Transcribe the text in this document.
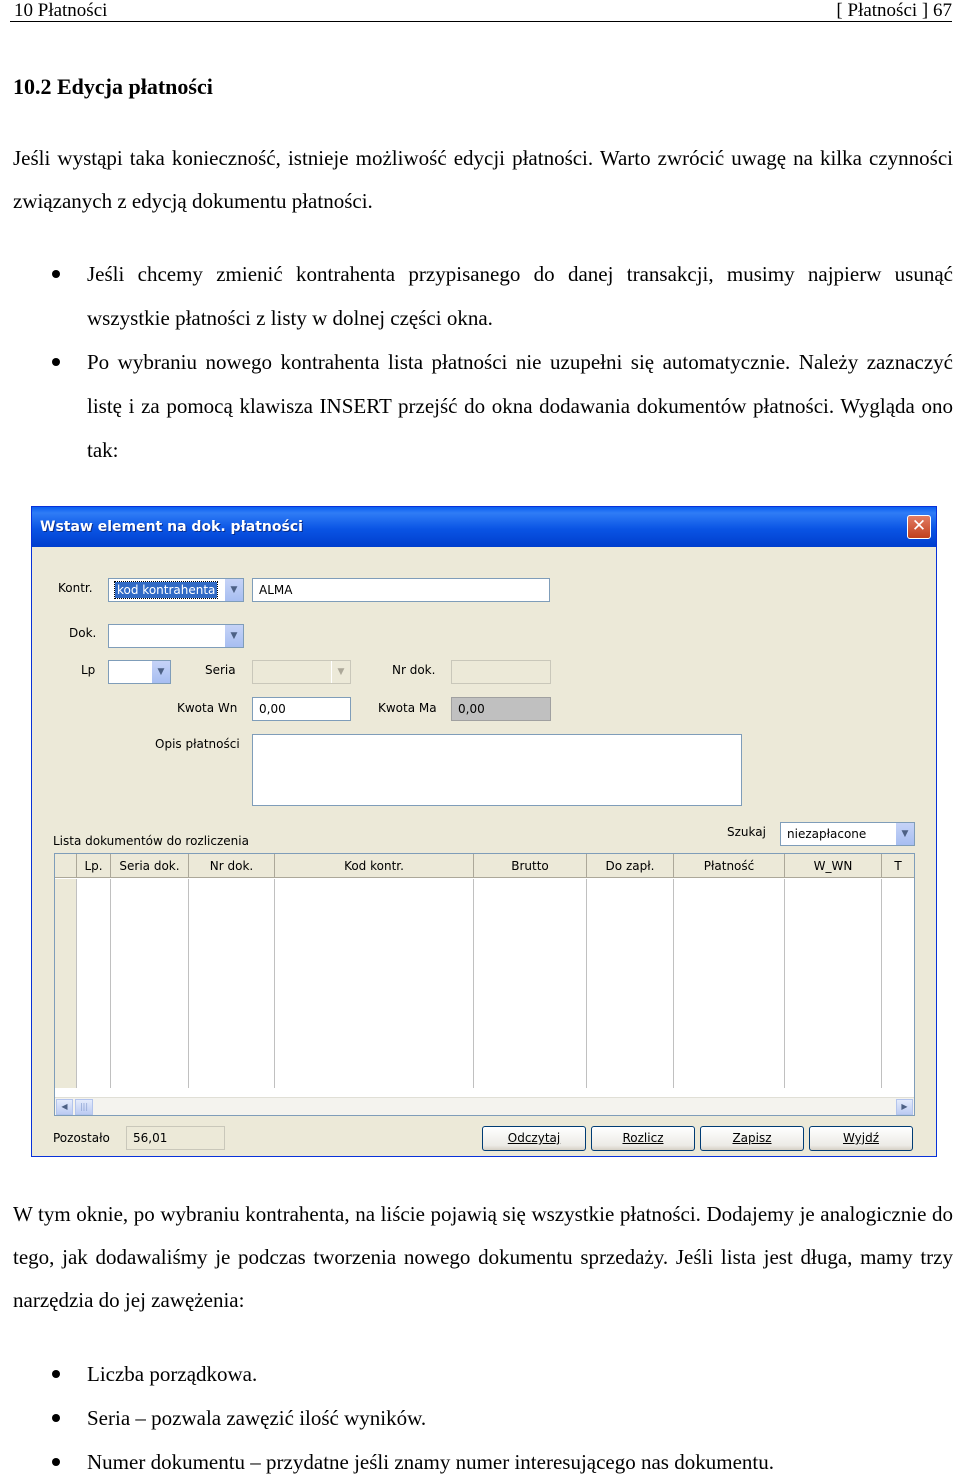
10 Płatności	[ Płatności ] 67
10.2 Edycja płatności

Jeśli wystąpi taka konieczność, istnieje możliwość edycji płatności. Warto zwrócić uwagę na kilka czynności związanych z edycją dokumentu płatności.

Jeśli chcemy zmienić kontrahenta przypisanego do danej transakcji, musimy najpierw usunąć wszystkie płatności z listy w dolnej części okna.
Po wybraniu nowego kontrahenta lista płatności nie uzupełni się automatycznie. Należy zaznaczyć listę i za pomocą klawisza INSERT przejść do okna dodawania dokumentów płatności. Wygląda ono tak:
Wstaw element na dok. płatności	✕
Kontr.	kod kontrahenta	▼	ALMA
Dok.	▼
Lp	▼	Seria	▼	Nr dok.
Kwota Wn	0,00	Kwota Ma	0,00
Opis płatności
Lista dokumentów do rozliczenia
Szukaj	niezapłacone	▼
Lp.	Seria dok.	Nr dok.	Kod kontr.	Brutto	Do zapł.	Płatność	W_WN	T
◀	|||	▶
Pozostało	56,01	Odczytaj	Rozlicz	Zapisz	Wyjdź

W tym oknie, po wybraniu kontrahenta, na liście pojawią się wszystkie płatności. Dodajemy je analogicznie do tego, jak dodawaliśmy je podczas tworzenia nowego dokumentu sprzedaży. Jeśli lista jest długa, mamy trzy narzędzia do jej zawężenia:

Liczba porządkowa.
Seria – pozwala zawęzić ilość wyników.
Numer dokumentu – przydatne jeśli znamy numer interesującego nas dokumentu.
